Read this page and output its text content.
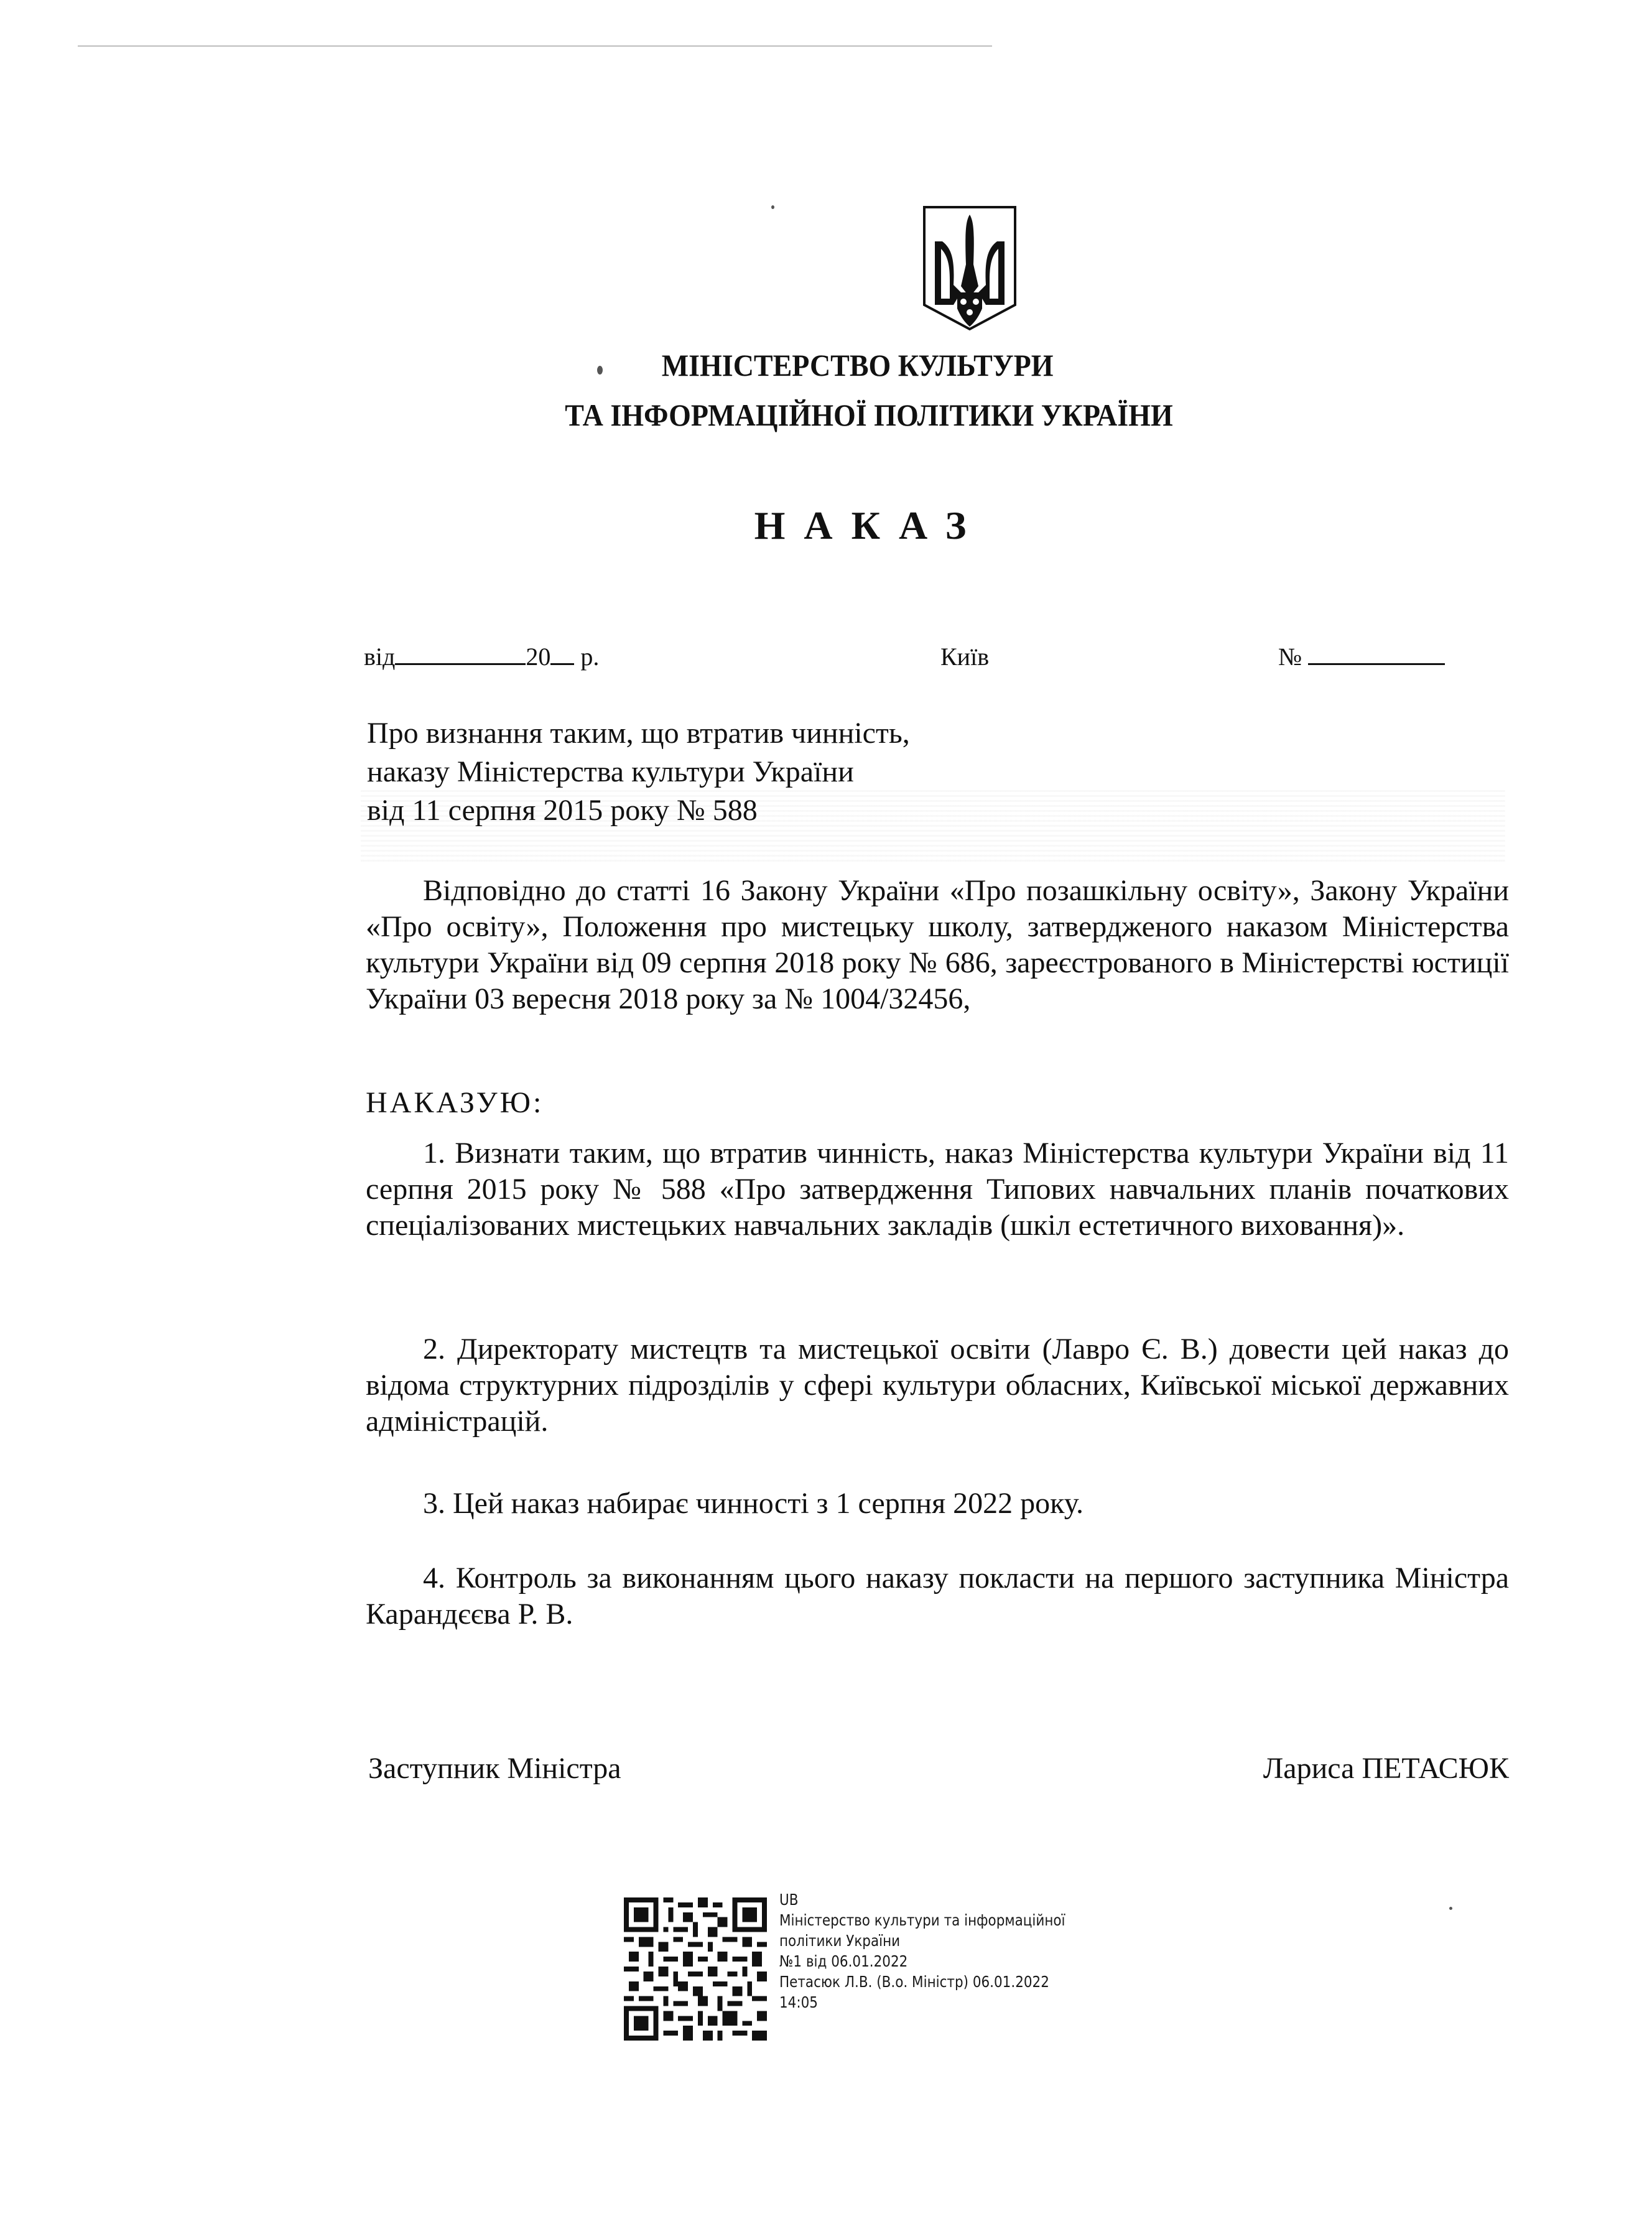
МІНІСТЕРСТВО КУЛЬТУРИ
ТА ІНФОРМАЦІЙНОЇ ПОЛІТИКИ УКРАЇНИ
НАКАЗ
від	20 р.	Київ	№
Про визнання таким, що втратив чинність,
наказу Міністерства культури України
від 11 серпня 2015 року № 588

Відповідно до статті 16 Закону України «Про позашкільну освіту», Закону України «Про освіту», Положення про мистецьку школу, затвердженого наказом Міністерства культури України від 09 серпня 2018 року № 686, зареєстрованого в Міністерстві юстиції України 03 вересня 2018 року за № 1004/32456,

НАКАЗУЮ:

1. Визнати таким, що втратив чинність, наказ Міністерства культури України від 11 серпня 2015 року № 588 «Про затвердження Типових навчальних планів початкових спеціалізованих мистецьких навчальних закладів (шкіл естетичного виховання)».

2. Директорату мистецтв та мистецької освіти (Лавро Є. В.) довести цей наказ до відома структурних підрозділів у сфері культури обласних, Київської міської державних адміністрацій.

3. Цей наказ набирає чинності з 1 серпня 2022 року.

4. Контроль за виконанням цього наказу покласти на першого заступника Міністра Карандєєва Р. В.

Заступник Міністра	Лариса ПЕТАСЮК
UB
Міністерство культури та інформаційної
політики України
№1 від 06.01.2022
Петасюк Л.В. (В.о. Міністр) 06.01.2022
14:05
